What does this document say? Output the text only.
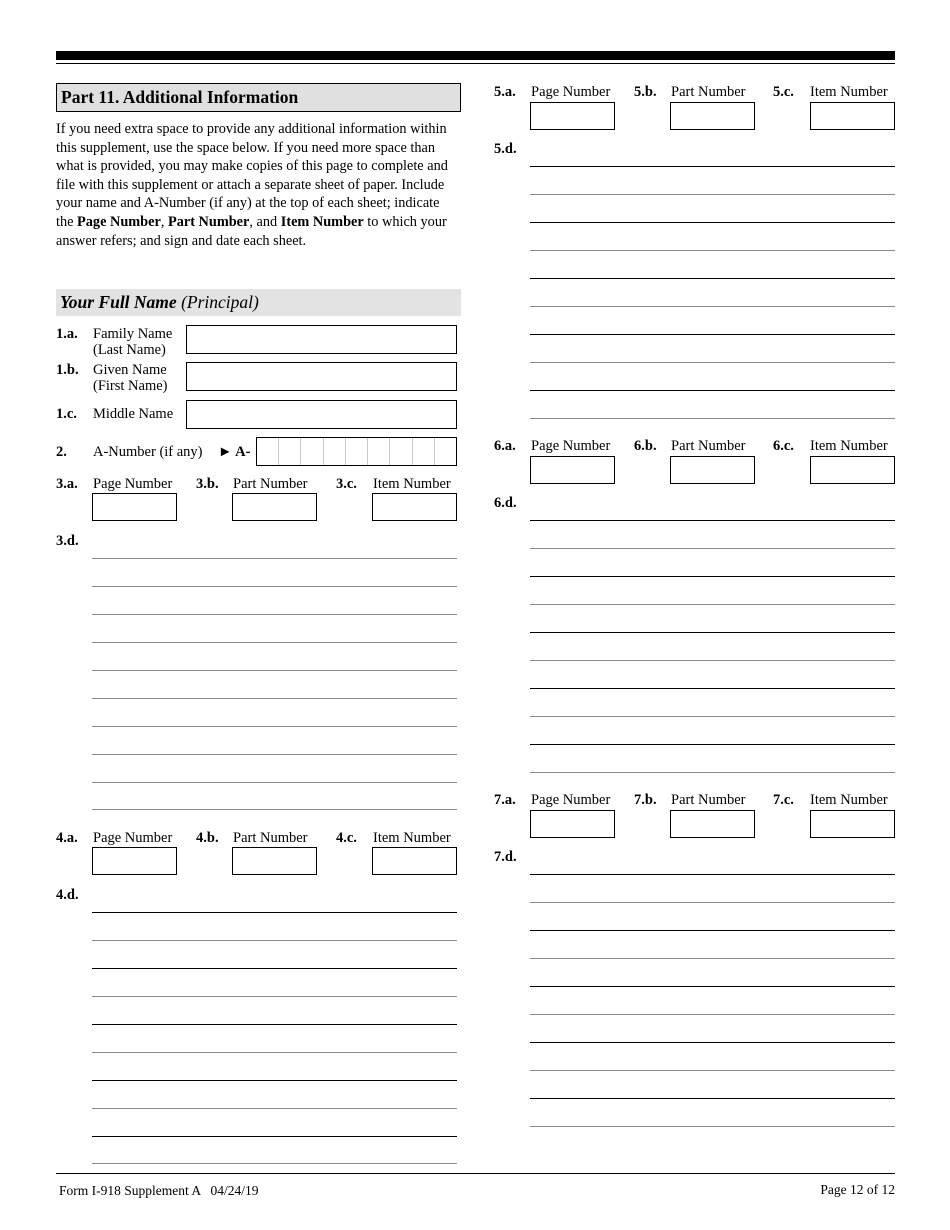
Part 11. Additional Information
If you need extra space to provide any additional information within this supplement, use the space below. If you need more space than what is provided, you may make copies of this page to complete and file with this supplement or attach a separate sheet of paper. Include your name and A-Number (if any) at the top of each sheet; indicate the Page Number, Part Number, and Item Number to which your answer refers; and sign and date each sheet.
Your Full Name (Principal)
1.a. Family Name (Last Name)
1.b. Given Name (First Name)
1.c. Middle Name
2. A-Number (if any) ► A-
3.a. Page Number 3.b. Part Number 3.c. Item Number
3.d.
4.a. Page Number 4.b. Part Number 4.c. Item Number
4.d.
5.a. Page Number 5.b. Part Number 5.c. Item Number
5.d.
6.a. Page Number 6.b. Part Number 6.c. Item Number
6.d.
7.a. Page Number 7.b. Part Number 7.c. Item Number
7.d.
Form I-918 Supplement A   04/24/19	Page 12 of 12
